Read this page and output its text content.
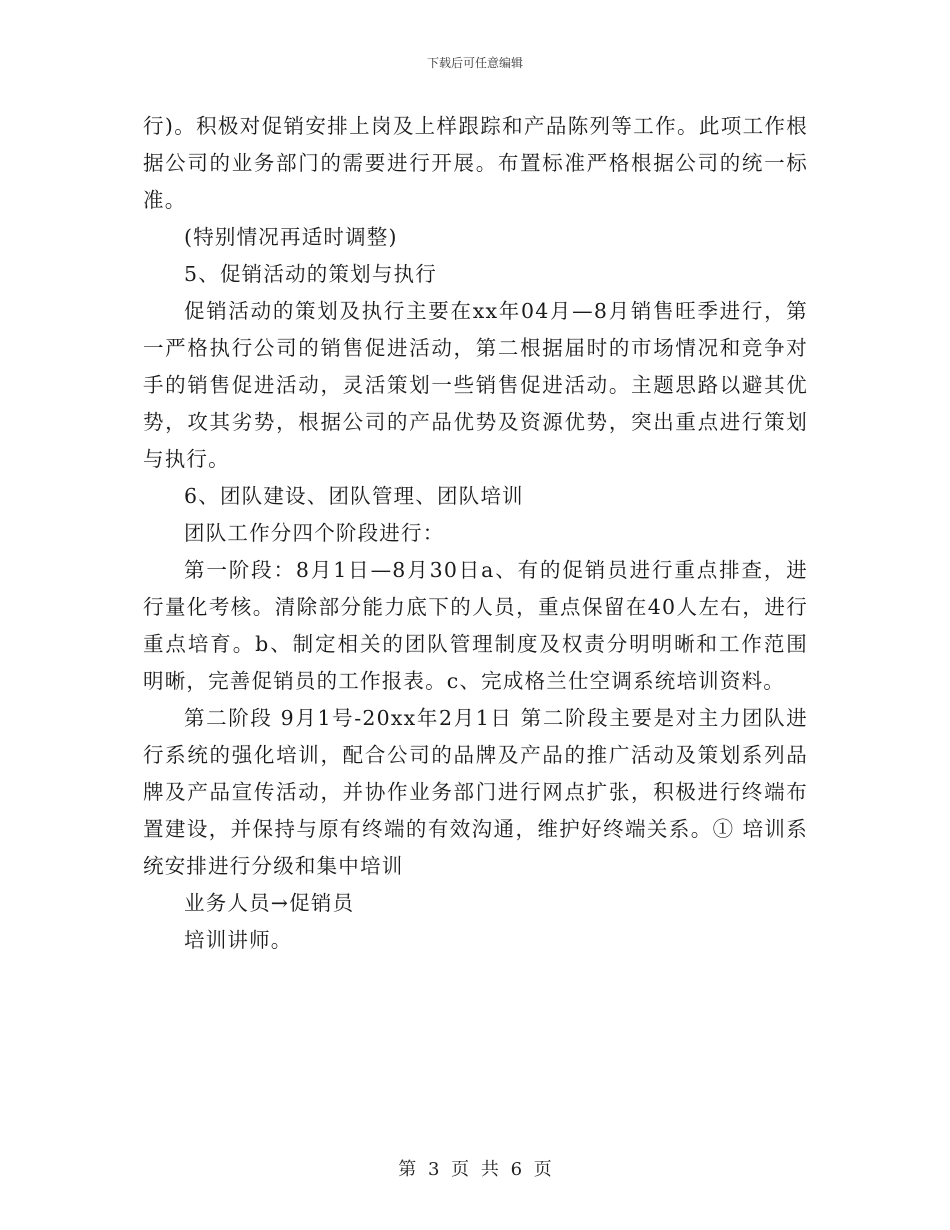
下载后可任意编辑

行)。积极对促销安排上岗及上样跟踪和产品陈列等工作。此项工作根据公司的业务部门的需要进行开展。布置标准严格根据公司的统一标准。

(特别情况再适时调整)

5、促销活动的策划与执行

促销活动的策划及执行主要在xx年04月—8月销售旺季进行，第一严格执行公司的销售促进活动，第二根据届时的市场情况和竞争对手的销售促进活动，灵活策划一些销售促进活动。主题思路以避其优势，攻其劣势，根据公司的产品优势及资源优势，突出重点进行策划与执行。

6、团队建设、团队管理、团队培训

团队工作分四个阶段进行：

第一阶段：8月1日—8月30日a、有的促销员进行重点排查，进行量化考核。清除部分能力底下的人员，重点保留在40人左右，进行重点培育。b、制定相关的团队管理制度及权责分明明晰和工作范围明晰，完善促销员的工作报表。c、完成格兰仕空调系统培训资料。

第二阶段 9月1号-20xx年2月1日 第二阶段主要是对主力团队进行系统的强化培训，配合公司的品牌及产品的推广活动及策划系列品牌及产品宣传活动，并协作业务部门进行网点扩张，积极进行终端布置建设，并保持与原有终端的有效沟通，维护好终端关系。① 培训系统安排进行分级和集中培训

业务人员→促销员

培训讲师。

第 3 页 共 6 页
